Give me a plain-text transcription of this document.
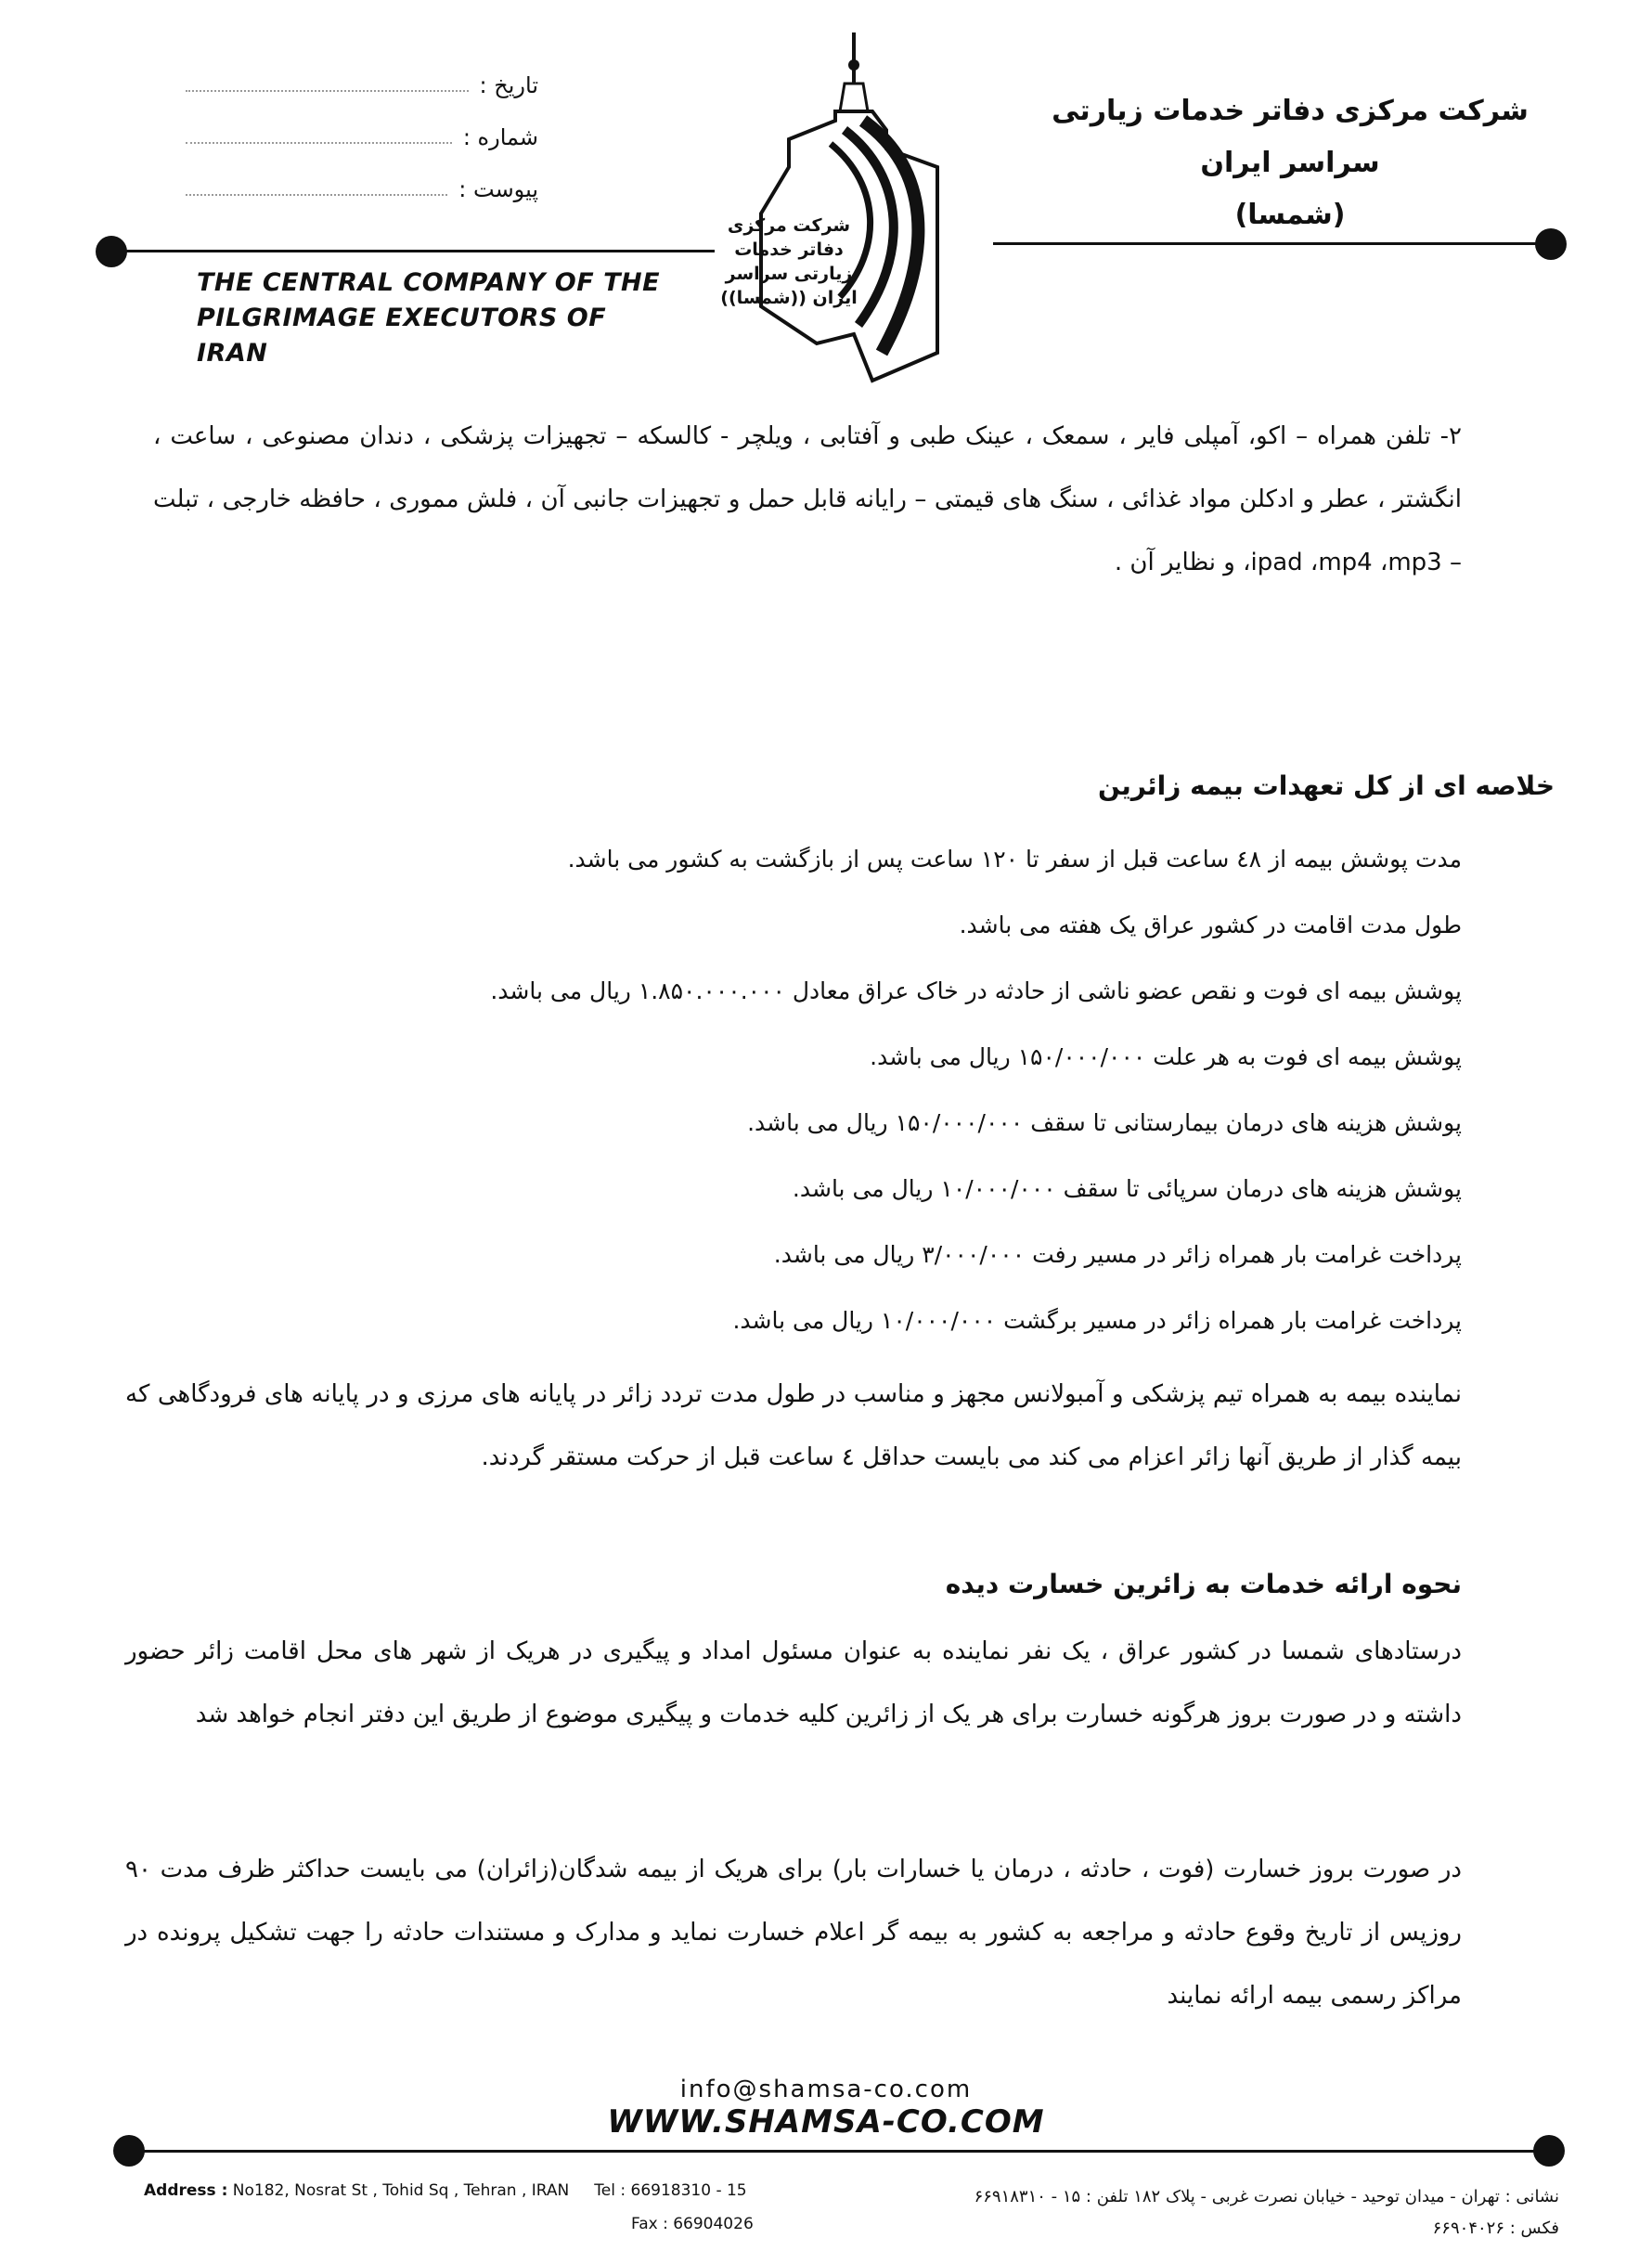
شرکت مرکزی دفاتر خدمات زیارتی سراسر ایران
(شمسا)
تاریخ :
شماره :
پیوست :
شرکت مرکزی دفاتر خدمات زیارتی سراسر ایران ((شمسا))
THE CENTRAL COMPANY OF THE
PILGRIMAGE EXECUTORS OF IRAN
۲- تلفن همراه – اکو، آمپلی فایر ، سمعک ، عینک طبی و آفتابی ، ویلچر - کالسکه – تجهیزات پزشکی ، دندان مصنوعی ، ساعت ، انگشتر ، عطر و ادکلن مواد غذائی ، سنگ های قیمتی – رایانه قابل حمل و تجهیزات جانبی آن ، فلش مموری ، حافظه خارجی ، تبلت – ipad ،mp4 ،mp3، و نظایر آن .
خلاصه ای از کل تعهدات بیمه زائرین
مدت پوشش بیمه از ٤٨ ساعت قبل از سفر تا ١٢٠ ساعت پس از بازگشت به کشور می باشد.
طول مدت اقامت در کشور عراق یک هفته می باشد.
پوشش بیمه ای فوت و نقص عضو ناشی از حادثه در خاک عراق معادل ۱.۸۵۰.۰۰۰.۰۰۰ ریال می باشد.
پوشش بیمه ای فوت به هر علت ۱۵۰/۰۰۰/۰۰۰ ریال می باشد.
پوشش هزینه های درمان بیمارستانی تا سقف ۱۵۰/۰۰۰/۰۰۰ ریال می باشد.
پوشش هزینه های درمان سرپائی تا سقف ۱۰/۰۰۰/۰۰۰ ریال می باشد.
پرداخت غرامت بار همراه زائر در مسیر رفت ۳/۰۰۰/۰۰۰ ریال می باشد.
پرداخت غرامت بار همراه زائر در مسیر برگشت ۱۰/۰۰۰/۰۰۰ ریال می باشد.
نماینده بیمه به همراه تیم پزشکی و آمبولانس مجهز و مناسب در طول مدت تردد زائر در پایانه های مرزی و در پایانه های فرودگاهی که بیمه گذار از طریق آنها زائر اعزام می کند می بایست حداقل ٤ ساعت قبل از حرکت مستقر گردند.
نحوه ارائه خدمات به زائرین خسارت دیده
درستادهای شمسا در کشور عراق ، یک نفر نماینده به عنوان مسئول امداد و پیگیری در هریک از شهر های محل اقامت زائر حضور داشته و در صورت بروز هرگونه خسارت برای هر یک از زائرین کلیه خدمات و پیگیری موضوع از طریق این دفتر انجام خواهد شد
در صورت بروز خسارت (فوت ، حادثه ، درمان یا خسارات بار) برای هریک از بیمه شدگان(زائران) می بایست حداکثر ظرف مدت ۹۰ روزپس از تاریخ وقوع حادثه و مراجعه به کشور به بیمه گر اعلام خسارت نماید و مدارک و مستندات حادثه را جهت تشکیل پرونده در مراکز رسمی بیمه ارائه نمایند
info@shamsa-co.com
WWW.SHAMSA-CO.COM
Address : No182, Nosrat St , Tohid Sq , Tehran , IRAN Tel : 66918310 - 15
Fax : 66904026
نشانی : تهران - میدان توحید - خیابان نصرت غربی - پلاک ۱۸۲ تلفن : ۱۵ - ۶۶۹۱۸۳۱۰
فکس : ۶۶۹۰۴۰۲۶
